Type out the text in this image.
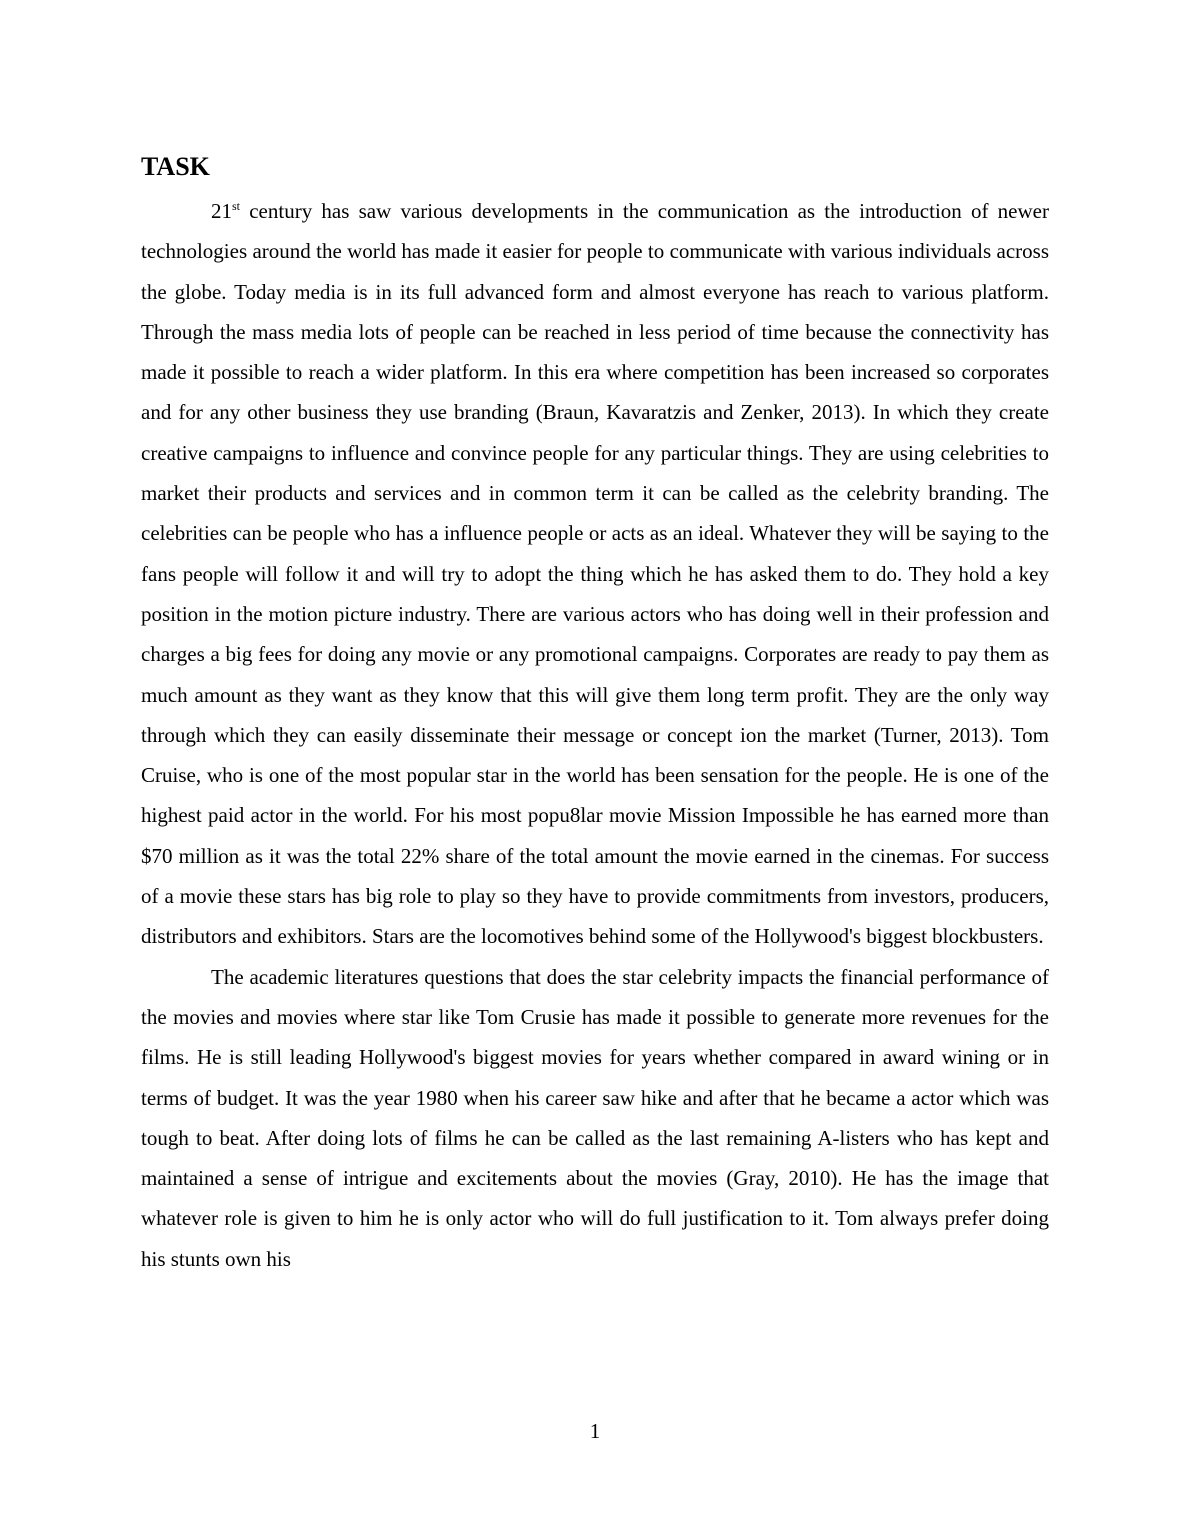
TASK

21st century has saw various developments in the communication as the introduction of newer technologies around the world has made it easier for people to communicate with various individuals across the globe. Today media is in its full advanced form and almost everyone has reach to various platform. Through the mass media lots of people can be reached in less period of time because the connectivity has made it possible to reach a wider platform. In this era where competition has been increased so corporates and for any other business they use branding (Braun, Kavaratzis and Zenker, 2013). In which they create creative campaigns to influence and convince people for any particular things. They are using celebrities to market their products and services and in common term it can be called as the celebrity branding. The celebrities can be people who has a influence people or acts as an ideal. Whatever they will be saying to the fans people will follow it and will try to adopt the thing which he has asked them to do. They hold a key position in the motion picture industry. There are various actors who has doing well in their profession and charges a big fees for doing any movie or any promotional campaigns. Corporates are ready to pay them as much amount as they want as they know that this will give them long term profit. They are the only way through which they can easily disseminate their message or concept ion the market (Turner, 2013). Tom Cruise, who is one of the most popular star in the world has been sensation for the people. He is one of the highest paid actor in the world. For his most popu8lar movie Mission Impossible he has earned more than $70 million as it was the total 22% share of the total amount the movie earned in the cinemas. For success of a movie these stars has big role to play so they have to provide commitments from investors, producers, distributors and exhibitors. Stars are the locomotives behind some of the Hollywood's biggest blockbusters.

The academic literatures questions that does the star celebrity impacts the financial performance of the movies and movies where star like Tom Crusie has made it possible to generate more revenues for the films. He is still leading Hollywood's biggest movies for years whether compared in award wining or in terms of budget. It was the year 1980 when his career saw hike and after that he became a actor which was tough to beat. After doing lots of films he can be called as the last remaining A-listers who has kept and maintained a sense of intrigue and excitements about the movies (Gray, 2010). He has the image that whatever role is given to him he is only actor who will do full justification to it. Tom always prefer doing his stunts own his

1
